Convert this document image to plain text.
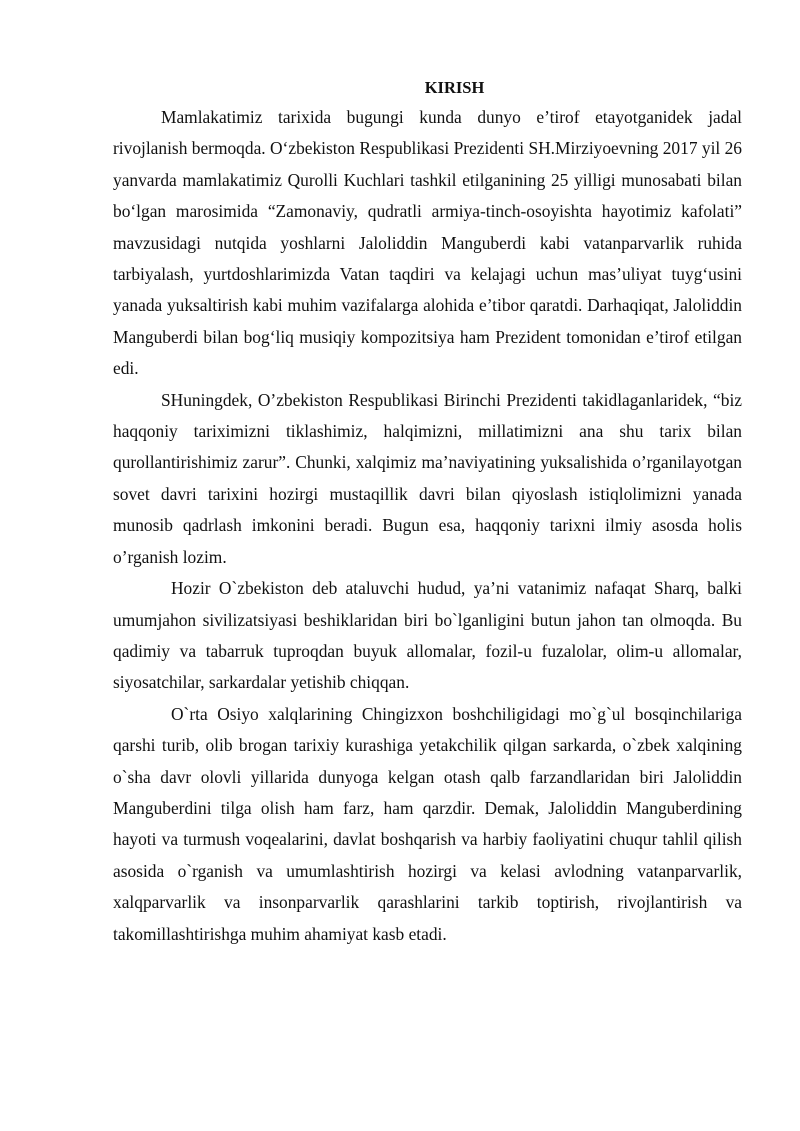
KIRISH

Mamlakatimiz tarixida bugungi kunda dunyo e’tirof etayotganidek jadal rivojlanish bermoqda. O‘zbekiston Respublikasi Prezidenti SH.Mirziyoevning 2017 yil 26 yanvarda mamlakatimiz Qurolli Kuchlari tashkil etilganining 25 yilligi munosabati bilan bo‘lgan marosimida “Zamonaviy, qudratli armiya-tinch-osoyishta hayotimiz kafolati” mavzusidagi nutqida yoshlarni Jaloliddin Manguberdi kabi vatanparvarlik ruhida tarbiyalash, yurtdoshlarimizda Vatan taqdiri va kelajagi uchun mas’uliyat tuyg‘usini yanada yuksaltirish kabi muhim vazifalarga alohida e’tibor qaratdi. Darhaqiqat, Jaloliddin Manguberdi bilan bog‘liq musiqiy kompozitsiya ham Prezident tomonidan e’tirof etilgan edi.

SHuningdek, O’zbekiston Respublikasi Birinchi Prezidenti takidlaganlaridek, “biz haqqoniy tariximizni tiklashimiz, halqimizni, millatimizni ana shu tarix bilan qurollantirishimiz zarur”. Chunki, xalqimiz ma’naviyatining yuksalishida o’rganilayotgan sovet davri tarixini hozirgi mustaqillik davri bilan qiyoslash istiqlolimizni yanada munosib qadrlash imkonini beradi. Bugun esa, haqqoniy tarixni ilmiy asosda holis o’rganish lozim.

Hozir O`zbekiston deb ataluvchi hudud, ya’ni vatanimiz nafaqat Sharq, balki umumjahon sivilizatsiyasi beshiklaridan biri bo`lganligini butun jahon tan olmoqda. Bu qadimiy va tabarruk tuproqdan buyuk allomalar, fozil-u fuzalolar, olim-u allomalar, siyosatchilar, sarkardalar yetishib chiqqan.

O`rta Osiyo xalqlarining Chingizxon boshchiligidagi mo`g`ul bosqinchilariga qarshi turib, olib brogan tarixiy kurashiga yetakchilik qilgan sarkarda, o`zbek xalqining o`sha davr olovli yillarida dunyoga kelgan otash qalb farzandlaridan biri Jaloliddin Manguberdini tilga olish ham farz, ham qarzdir. Demak, Jaloliddin Manguberdining hayoti va turmush voqealarini, davlat boshqarish va harbiy faoliyatini chuqur tahlil qilish asosida o`rganish va umumlashtirish hozirgi va kelasi avlodning vatanparvarlik, xalqparvarlik va insonparvarlik qarashlarini tarkib toptirish, rivojlantirish va takomillashtirishga muhim ahamiyat kasb etadi.
